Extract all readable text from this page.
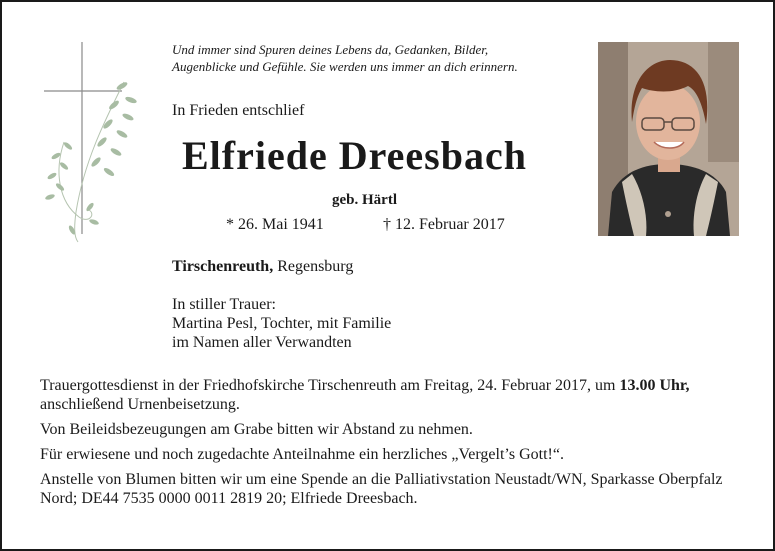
Und immer sind Spuren deines Lebens da, Gedanken, Bilder,
Augenblicke und Gefühle. Sie werden uns immer an dich erinnern.
In Frieden entschlief
Elfriede Dreesbach
geb. Härtl
* 26. Mai 1941	† 12. Februar 2017
Tirschenreuth, Regensburg
In stiller Trauer:
Martina Pesl, Tochter, mit Familie
im Namen aller Verwandten

Trauergottesdienst in der Friedhofskirche Tirschenreuth am Freitag, 24. Februar 2017, um 13.00 Uhr, anschließend Urnenbeisetzung.

Von Beileidsbezeugungen am Grabe bitten wir Abstand zu nehmen.

Für erwiesene und noch zugedachte Anteilnahme ein herzliches „Vergelt’s Gott!“.

Anstelle von Blumen bitten wir um eine Spende an die Palliativstation Neustadt/WN, Sparkasse Oberpfalz Nord; DE44 7535 0000 0011 2819 20; Elfriede Dreesbach.
